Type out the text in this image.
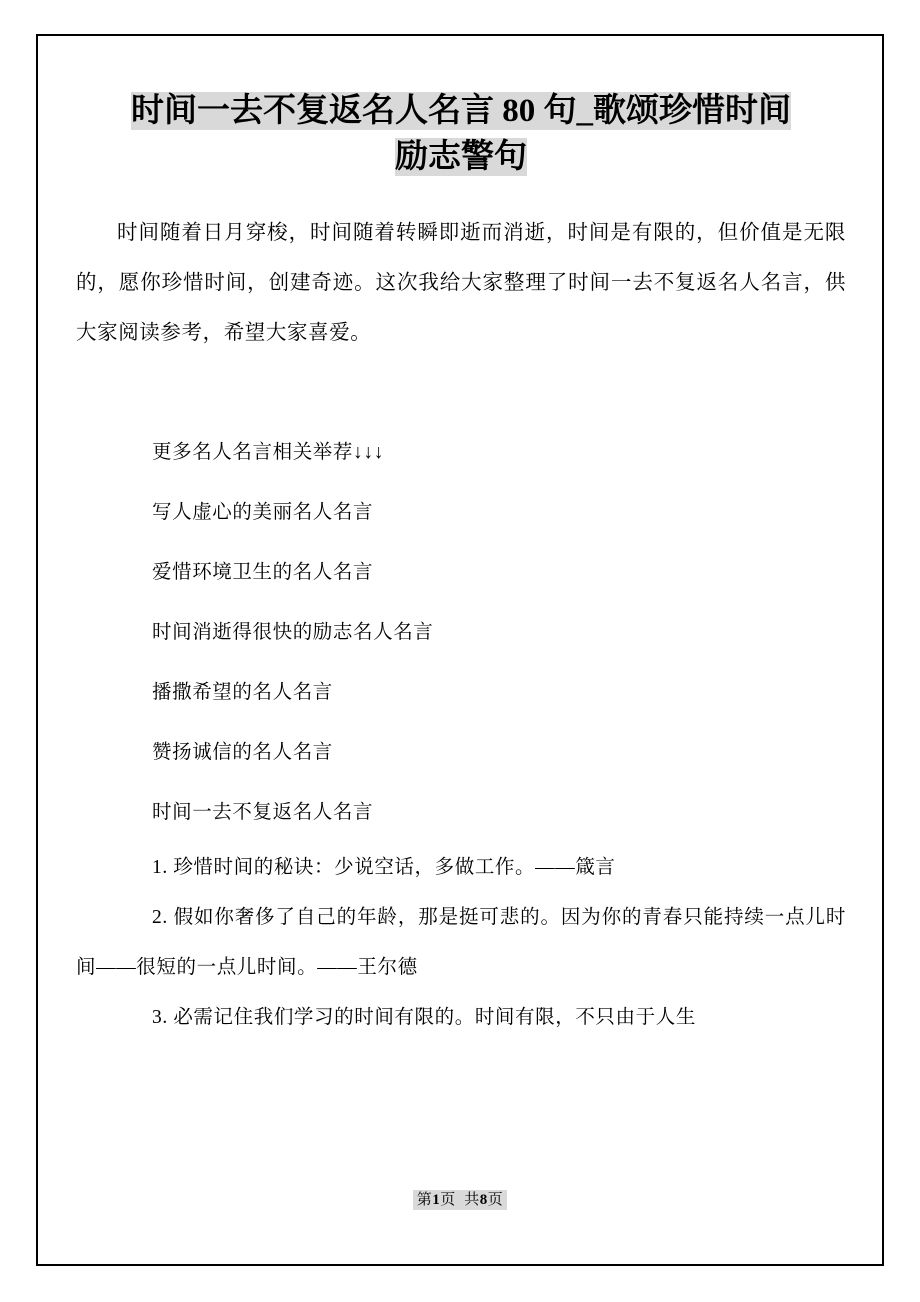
时间一去不复返名人名言 80 句_歌颂珍惜时间
励志警句

时间随着日月穿梭，时间随着转瞬即逝而消逝，时间是有限的，但价值是无限的，愿你珍惜时间，创建奇迹。这次我给大家整理了时间一去不复返名人名言，供大家阅读参考，希望大家喜爱。

更多名人名言相关举荐↓↓↓
写人虚心的美丽名人名言
爱惜环境卫生的名人名言
时间消逝得很快的励志名人名言
播撒希望的名人名言
赞扬诚信的名人名言
时间一去不复返名人名言
1. 珍惜时间的秘诀：少说空话，多做工作。——箴言
2. 假如你奢侈了自己的年龄，那是挺可悲的。因为你的青春只能持续一点儿时间——很短的一点儿时间。——王尔德
3. 必需记住我们学习的时间有限的。时间有限，不只由于人生
第1页 共8页
